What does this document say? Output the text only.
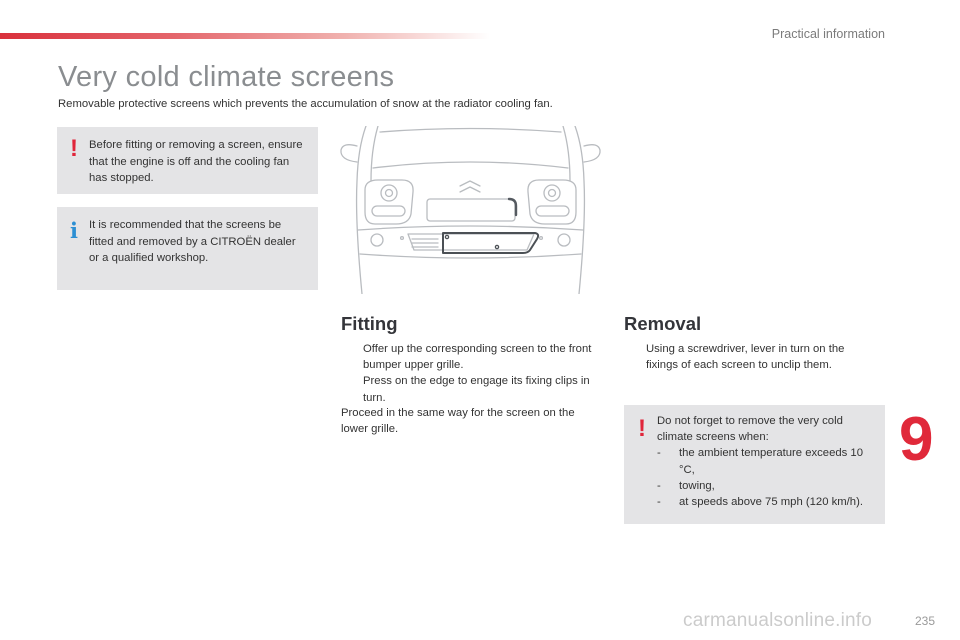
Practical information
Very cold climate screens
Removable protective screens which prevents the accumulation of snow at the radiator cooling fan.
! Before fitting or removing a screen, ensure that the engine is off and the cooling fan has stopped.

i It is recommended that the screens be fitted and removed by a CITROËN dealer or a qualified workshop.

Fitting
Offer up the corresponding screen to the front bumper upper grille.
Press on the edge to engage its fixing clips in turn.

Proceed in the same way for the screen on the lower grille.

Removal
Using a screwdriver, lever in turn on the fixings of each screen to unclip them.
! Do not forget to remove the very cold climate screens when:

- the ambient temperature exceeds 10 °C,
- towing,
- at speeds above 75 mph (120 km/h).
9
235
carmanualsonline.info
